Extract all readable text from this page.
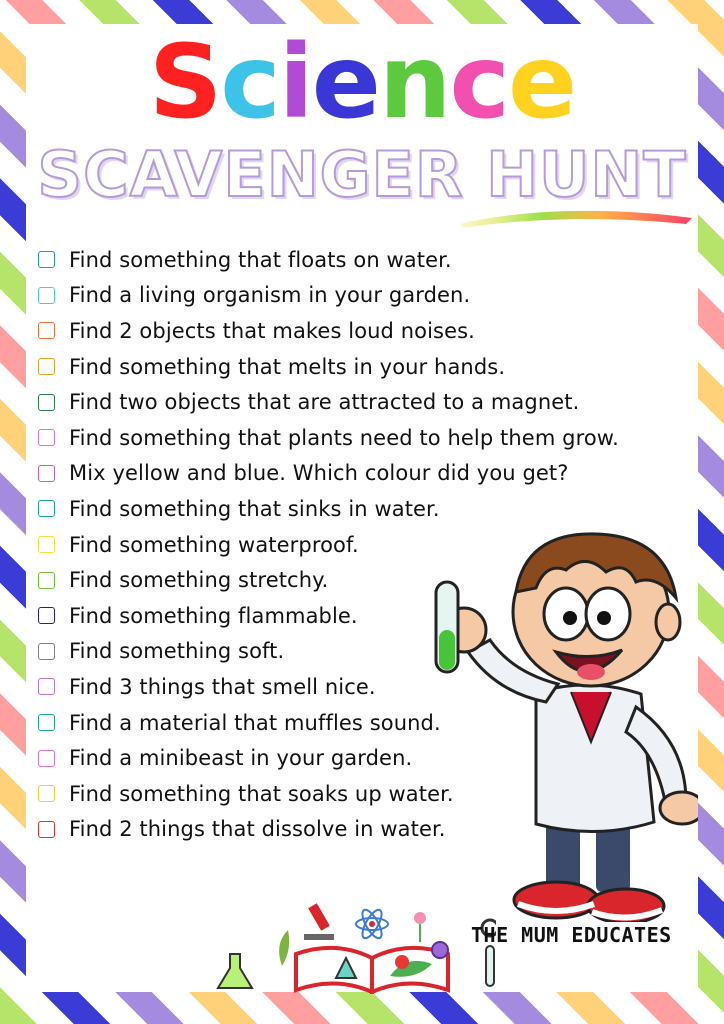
Science
SCAVENGER HUNT
Find something that floats on water.
Find a living organism in your garden.
Find 2 objects that makes loud noises.
Find something that melts in your hands.
Find two objects that are attracted to a magnet.
Find something that plants need to help them grow.
Mix yellow and blue. Which colour did you get?
Find something that sinks in water.
Find something waterproof.
Find something stretchy.
Find something flammable.
Find something soft.
Find 3 things that smell nice.
Find a material that muffles sound.
Find a minibeast in your garden.
Find something that soaks up water.
Find 2 things that dissolve in water.
THE MUM EDUCATES
